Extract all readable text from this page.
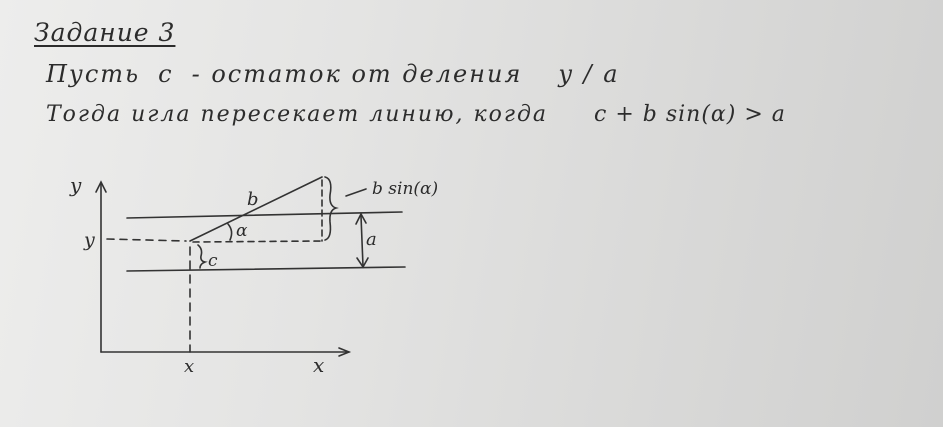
Задание 3
Пусть c - остаток от деления y / a
Тогда игла пересекает линию, когда c + b sin(α) > a
y
y
x	x
b
α
c
a
b sin(α)
